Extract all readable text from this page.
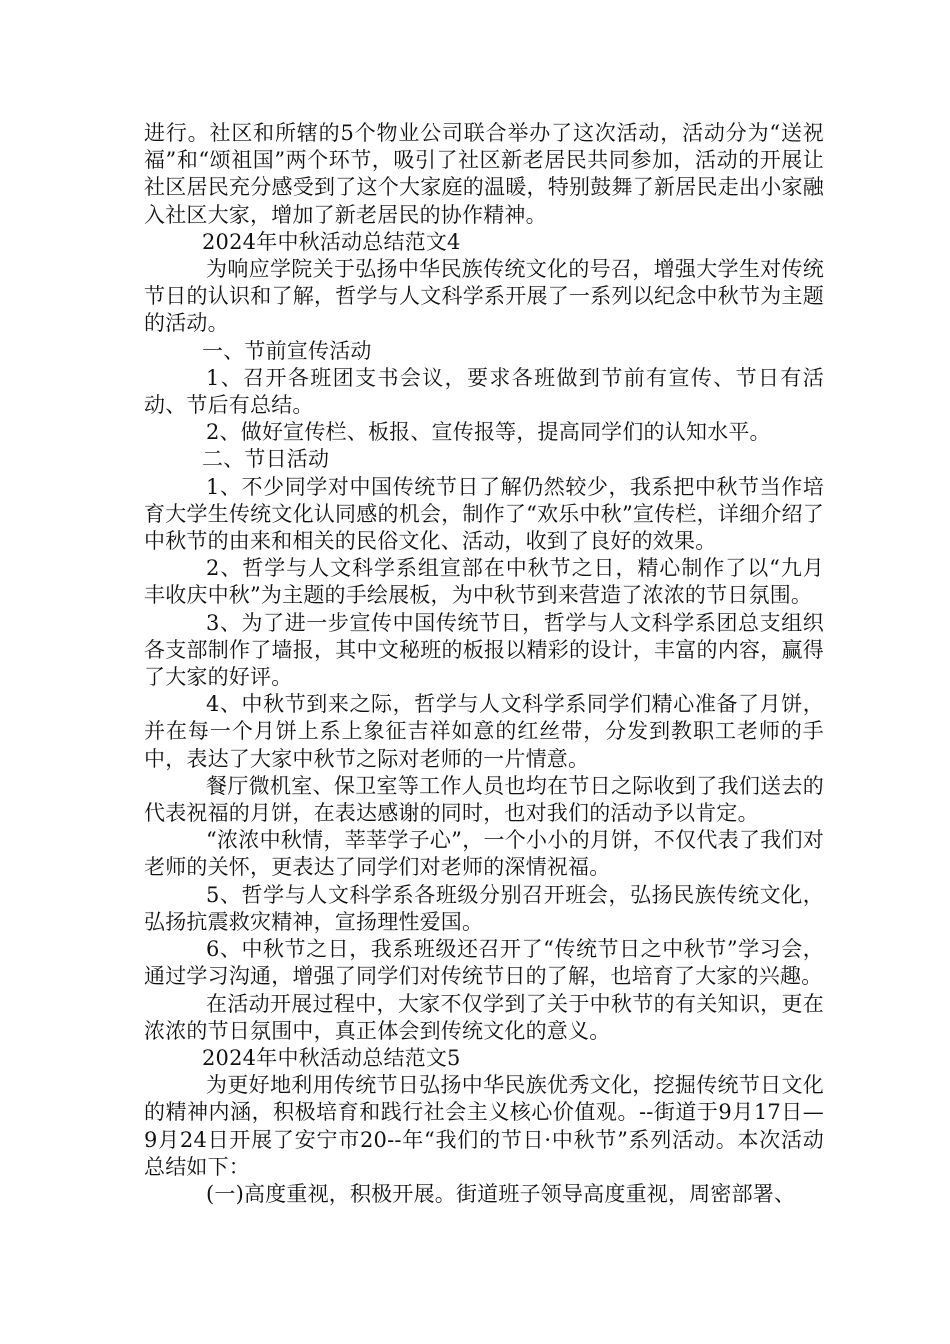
进行。社区和所辖的5个物业公司联合举办了这次活动，活动分为“送祝福”和“颂祖国”两个环节，吸引了社区新老居民共同参加，活动的开展让社区居民充分感受到了这个大家庭的温暖，特别鼓舞了新居民走出小家融入社区大家，增加了新老居民的协作精神。

2024年中秋活动总结范文4

为响应学院关于弘扬中华民族传统文化的号召，增强大学生对传统节日的认识和了解，哲学与人文科学系开展了一系列以纪念中秋节为主题的活动。

一、节前宣传活动

1、召开各班团支书会议，要求各班做到节前有宣传、节日有活动、节后有总结。

2、做好宣传栏、板报、宣传报等，提高同学们的认知水平。

二、节日活动

1、不少同学对中国传统节日了解仍然较少，我系把中秋节当作培育大学生传统文化认同感的机会，制作了“欢乐中秋”宣传栏，详细介绍了中秋节的由来和相关的民俗文化、活动，收到了良好的效果。

2、哲学与人文科学系组宣部在中秋节之日，精心制作了以“九月丰收庆中秋”为主题的手绘展板，为中秋节到来营造了浓浓的节日氛围。

3、为了进一步宣传中国传统节日，哲学与人文科学系团总支组织各支部制作了墙报，其中文秘班的板报以精彩的设计，丰富的内容，赢得了大家的好评。

4、中秋节到来之际，哲学与人文科学系同学们精心准备了月饼，并在每一个月饼上系上象征吉祥如意的红丝带，分发到教职工老师的手中，表达了大家中秋节之际对老师的一片情意。

餐厅微机室、保卫室等工作人员也均在节日之际收到了我们送去的代表祝福的月饼，在表达感谢的同时，也对我们的活动予以肯定。

“浓浓中秋情，莘莘学子心”，一个小小的月饼，不仅代表了我们对老师的关怀，更表达了同学们对老师的深情祝福。

5、哲学与人文科学系各班级分别召开班会，弘扬民族传统文化，弘扬抗震救灾精神，宣扬理性爱国。

6、中秋节之日，我系班级还召开了“传统节日之中秋节”学习会，通过学习沟通，增强了同学们对传统节日的了解，也培育了大家的兴趣。

在活动开展过程中，大家不仅学到了关于中秋节的有关知识，更在浓浓的节日氛围中，真正体会到传统文化的意义。

2024年中秋活动总结范文5

为更好地利用传统节日弘扬中华民族优秀文化，挖掘传统节日文化的精神内涵，积极培育和践行社会主义核心价值观。--街道于9月17日—9月24日开展了安宁市20--年“我们的节日·中秋节”系列活动。本次活动总结如下：

(一)高度重视，积极开展。街道班子领导高度重视，周密部署、
